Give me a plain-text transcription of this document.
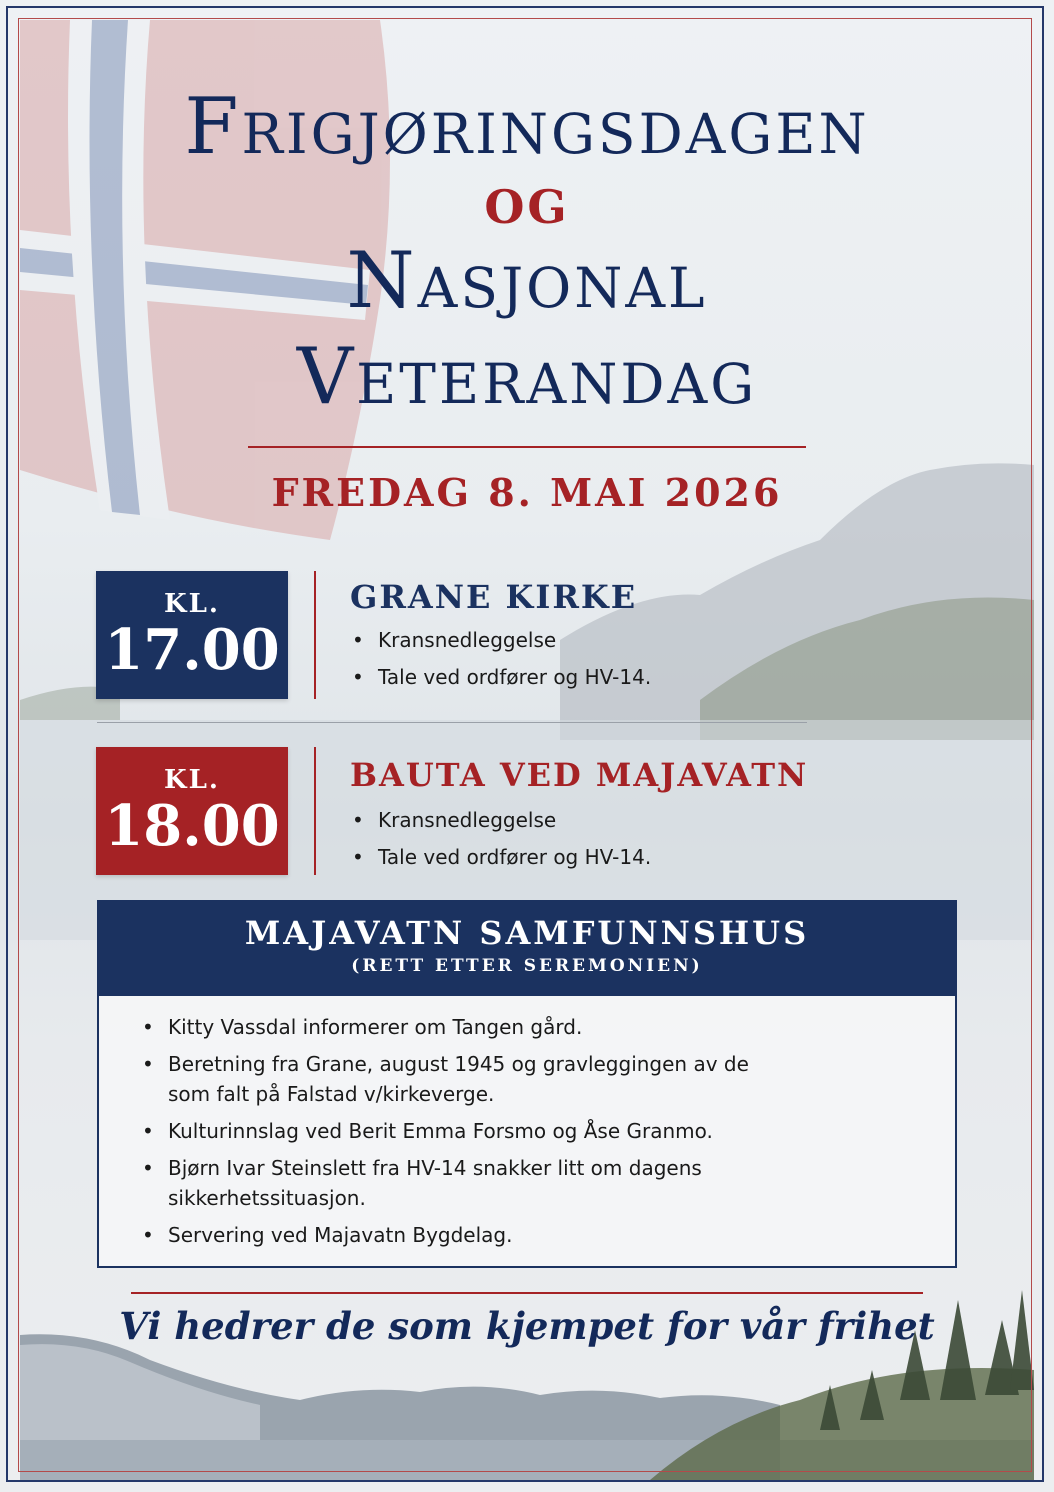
Frigjøringsdagen
OG
Nasjonal
Veterandag
FREDAG 8. MAI 2026
KL.
17.00
GRANE KIRKE
• Kransnedleggelse
• Tale ved ordfører og HV-14.
KL.
18.00
BAUTA VED MAJAVATN
• Kransnedleggelse
• Tale ved ordfører og HV-14.
MAJAVATN SAMFUNNSHUS
(RETT ETTER SEREMONIEN)
• Kitty Vassdal informerer om Tangen gård.
• Beretning fra Grane, august 1945 og gravleggingen av de som falt på Falstad v/kirkeverge.
• Kulturinnslag ved Berit Emma Forsmo og Åse Granmo.
• Bjørn Ivar Steinslett fra HV-14 snakker litt om dagens sikkerhetssituasjon.
• Servering ved Majavatn Bygdelag.
Vi hedrer de som kjempet for vår frihet
